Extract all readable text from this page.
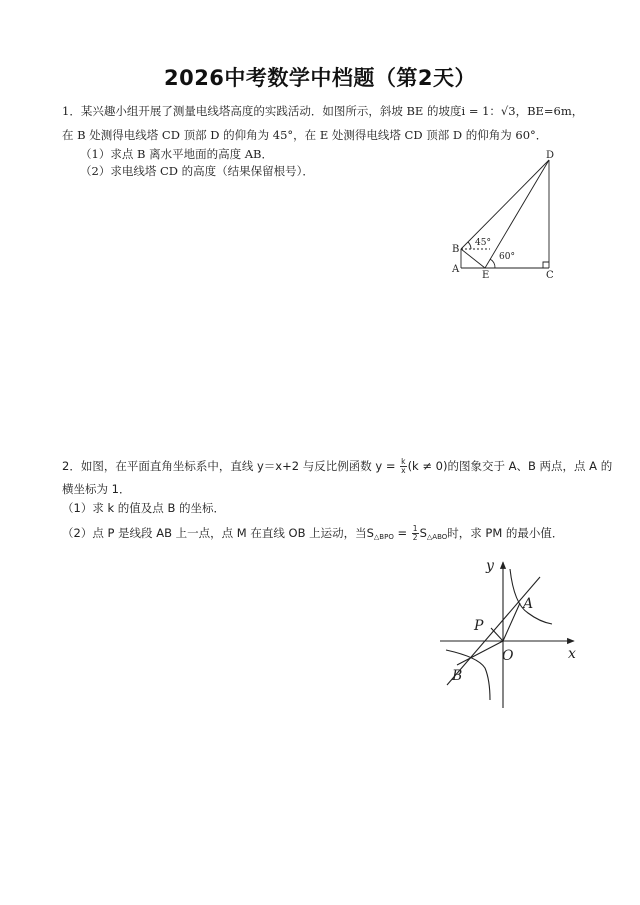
2026中考数学中档题（第2天）
1．某兴趣小组开展了测量电线塔高度的实践活动．如图所示，斜坡 BE 的坡度i = 1：√3，BE=6m，
在 B 处测得电线塔 CD 顶部 D 的仰角为 45°，在 E 处测得电线塔 CD 顶部 D 的仰角为 60°．
（1）求点 B 离水平地面的高度 AB．
（2）求电线塔 CD 的高度（结果保留根号）．
D
B
A
E	C
45°
60°
2．如图，在平面直角坐标系中，直线 y＝x+2 与反比例函数 $y = \frac{k}{x} (k \ne 0)$的图象交于 A、B 两点，点 A 的
横坐标为 1．
（1）求 k 的值及点 B 的坐标．
（2）点 P 是线段 AB 上一点，点 M 在直线 OB 上运动，当$S_{\triangle BPO} = \frac{1}{2} S_{\triangle ABO}$时，求 PM 的最小值．
y
x
A
P
O
B
